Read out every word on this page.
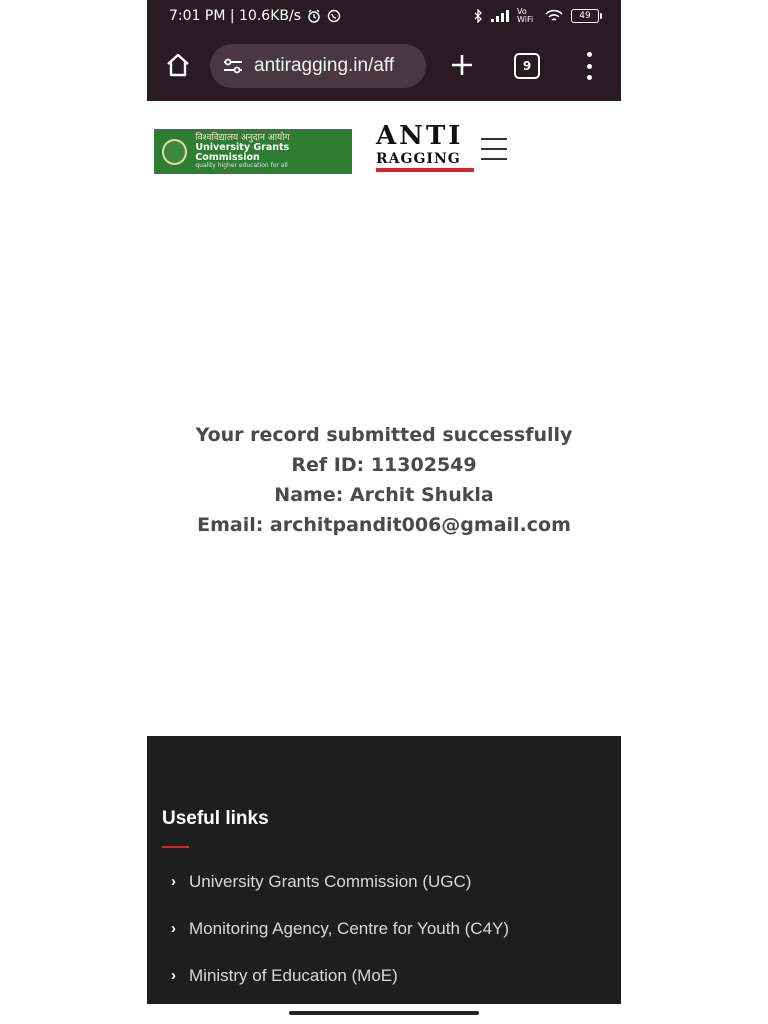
7:01 PM | 10.6KB/s	Vo WiFi	49
antiragging.in/aff	9
विश्वविद्यालय अनुदान आयोग
University Grants Commission
quality higher education for all
ANTI
RAGGING
Your record submitted successfully
Ref ID: 11302549
Name: Archit Shukla
Email: architpandit006@gmail.com
Useful links
› University Grants Commission (UGC)
› Monitoring Agency, Centre for Youth (C4Y)
› Ministry of Education (MoE)
